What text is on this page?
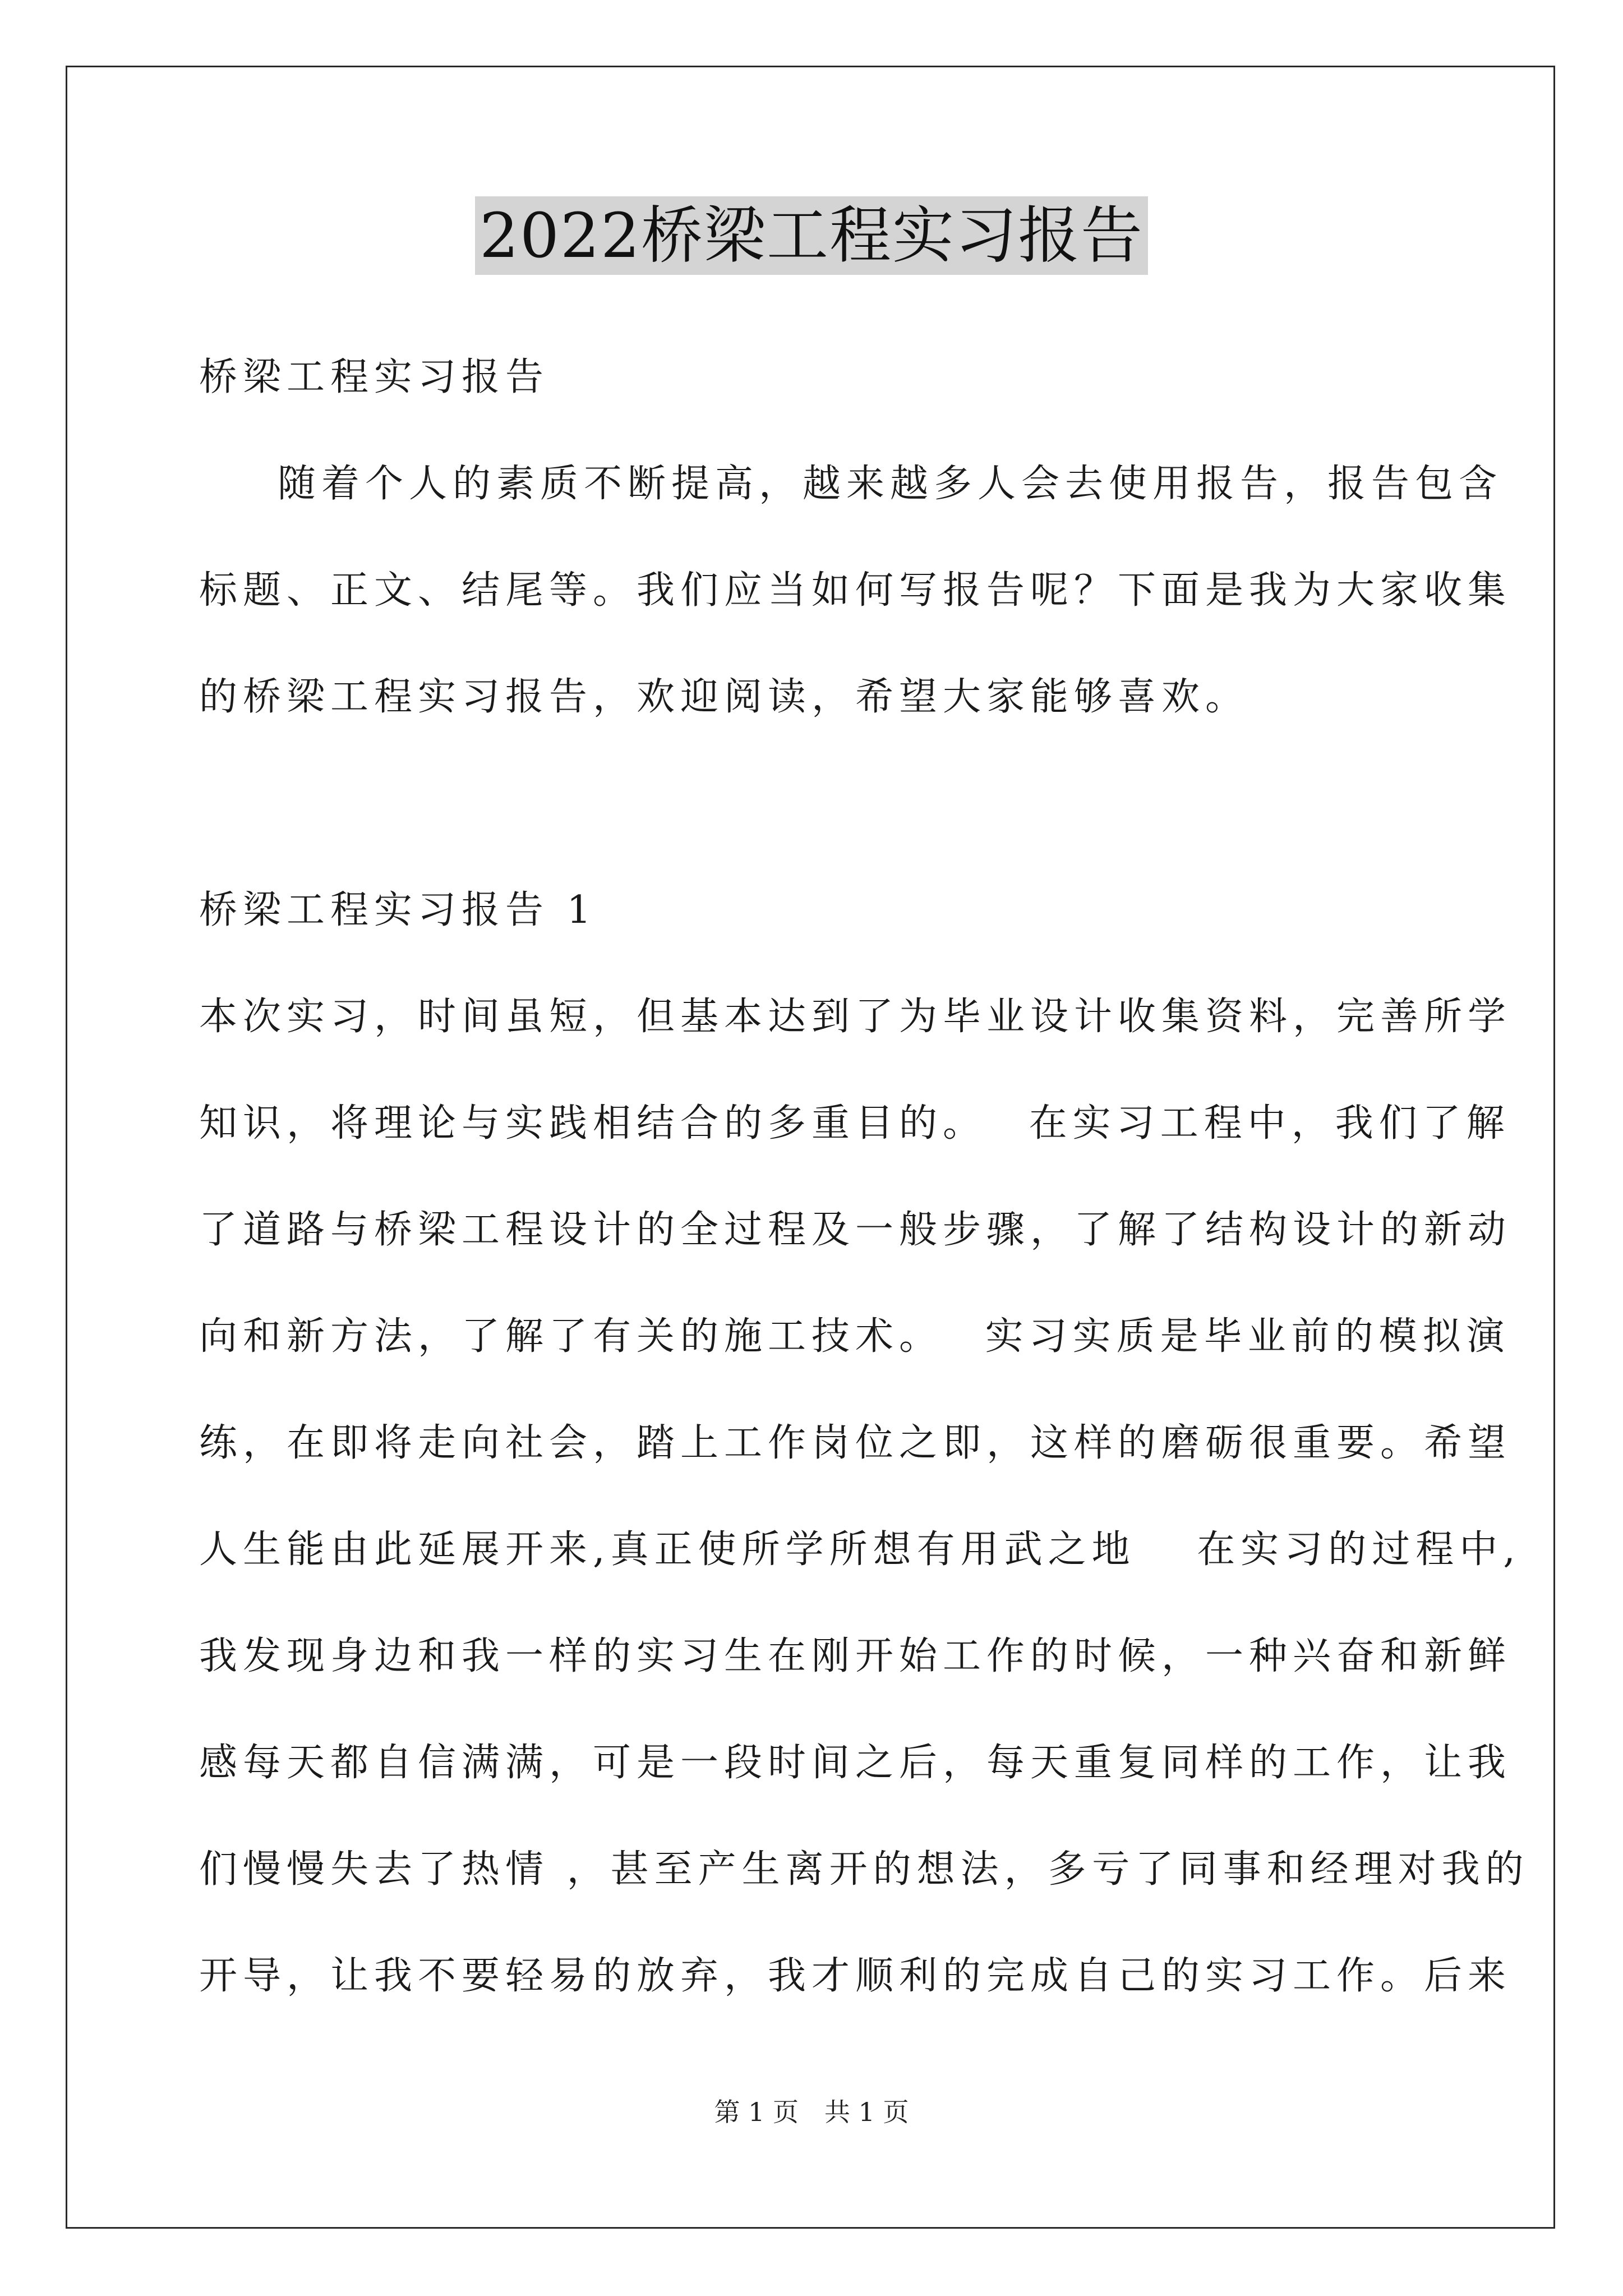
2022桥梁工程实习报告
桥梁工程实习报告
随着个人的素质不断提高，越来越多人会去使用报告，报告包含
标题、正文、结尾等。我们应当如何写报告呢？下面是我为大家收集
的桥梁工程实习报告，欢迎阅读，希望大家能够喜欢。
桥梁工程实习报告 1
本次实习，时间虽短，但基本达到了为毕业设计收集资料，完善所学
知识，将理论与实践相结合的多重目的。　 在实习工程中，我们了解
了道路与桥梁工程设计的全过程及一般步骤，了解了结构设计的新动
向和新方法，了解了有关的施工技术。　 实习实质是毕业前的模拟演
练，在即将走向社会，踏上工作岗位之即，这样的磨砺很重要。希望
人生能由此延展开来,真正使所学所想有用武之地　 在实习的过程中,
我发现身边和我一样的实习生在刚开始工作的时候，一种兴奋和新鲜
感每天都自信满满，可是一段时间之后，每天重复同样的工作，让我
们慢慢失去了热情 ，甚至产生离开的想法，多亏了同事和经理对我的
开导，让我不要轻易的放弃，我才顺利的完成自己的实习工作。后来
第 1 页　共 1 页
